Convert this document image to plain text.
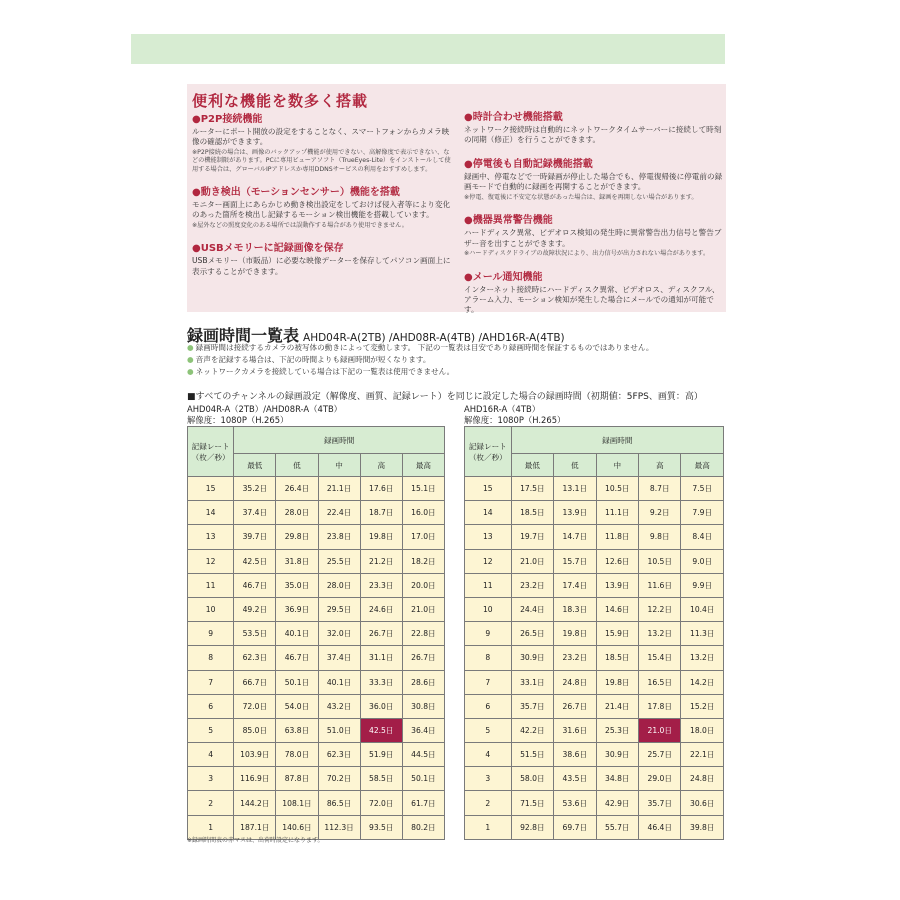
便利な機能を数多く搭載
●P2P接続機能

ルーターにポート開放の設定をすることなく、スマートフォンからカメラ映像の確認ができます。

※P2P接続の場合は、画像のバックアップ機能が使用できない、高解像度で表示できない、などの機能制限があります。PCに専用ビューアソフト（TrueEyes-Lite）をインストールして使用する場合は、グローバルIPアドレスか専用DDNSサービスの利用をおすすめします。

●動き検出（モーションセンサー）機能を搭載

モニター画面上にあらかじめ動き検出設定をしておけば侵入者等により変化のあった箇所を検出し記録するモーション検出機能を搭載しています。

※屋外などの照度変化のある場所では誤動作する場合があり使用できません。

●USBメモリーに記録画像を保存

USBメモリー（市販品）に必要な映像データーを保存してパソコン画面上に表示することができます。

●時計合わせ機能搭載

ネットワーク接続時は自動的にネットワークタイムサーバーに接続して時刻の同期（修正）を行うことができます。

●停電後も自動記録機能搭載

録画中、停電などで一時録画が停止した場合でも、停電復帰後に停電前の録画モードで自動的に録画を再開することができます。

※停電、復電後に不安定な状態があった場合は、録画を再開しない場合があります。

●機器異常警告機能

ハードディスク異常、ビデオロス検知の発生時に異常警告出力信号と警告ブザー音を出すことができます。

※ハードディスクドライブの故障状況により、出力信号が出力されない場合があります。

●メール通知機能

インターネット接続時にハードディスク異常、ビデオロス、ディスクフル、アラーム入力、モーション検知が発生した場合にメールでの通知が可能です。

録画時間一覧表 AHD04R-A(2TB) /AHD08R-A(4TB) /AHD16R-A(4TB)
● 録画時間は接続するカメラの被写体の動きによって変動します。 下記の一覧表は目安であり録画時間を保証するものではありません。
● 音声を記録する場合は、下記の時間よりも録画時間が短くなります。
● ネットワークカメラを接続している場合は下記の一覧表は使用できません。
■すべてのチャンネルの録画設定（解像度、画質、記録レート）を同じに設定した場合の録画時間（初期値：5FPS、画質：高）
AHD04R-A（2TB）/AHD08R-A（4TB）
解像度：1080P（H.265）
AHD16R-A（4TB）
解像度：1080P（H.265）
記録レート（枚／秒）	録画時間				
	最低	低	中	高	最高
15	35.2日	26.4日	21.1日	17.6日	15.1日
14	37.4日	28.0日	22.4日	18.7日	16.0日
13	39.7日	29.8日	23.8日	19.8日	17.0日
12	42.5日	31.8日	25.5日	21.2日	18.2日
11	46.7日	35.0日	28.0日	23.3日	20.0日
10	49.2日	36.9日	29.5日	24.6日	21.0日
9	53.5日	40.1日	32.0日	26.7日	22.8日
8	62.3日	46.7日	37.4日	31.1日	26.7日
7	66.7日	50.1日	40.1日	33.3日	28.6日
6	72.0日	54.0日	43.2日	36.0日	30.8日
5	85.0日	63.8日	51.0日	42.5日	36.4日
4	103.9日	78.0日	62.3日	51.9日	44.5日
3	116.9日	87.8日	70.2日	58.5日	50.1日
2	144.2日	108.1日	86.5日	72.0日	61.7日
1	187.1日	140.6日	112.3日	93.5日	80.2日
記録レート（枚／秒）	録画時間				
	最低	低	中	高	最高
15	17.5日	13.1日	10.5日	8.7日	7.5日
14	18.5日	13.9日	11.1日	9.2日	7.9日
13	19.7日	14.7日	11.8日	9.8日	8.4日
12	21.0日	15.7日	12.6日	10.5日	9.0日
11	23.2日	17.4日	13.9日	11.6日	9.9日
10	24.4日	18.3日	14.6日	12.2日	10.4日
9	26.5日	19.8日	15.9日	13.2日	11.3日
8	30.9日	23.2日	18.5日	15.4日	13.2日
7	33.1日	24.8日	19.8日	16.5日	14.2日
6	35.7日	26.7日	21.4日	17.8日	15.2日
5	42.2日	31.6日	25.3日	21.0日	18.0日
4	51.5日	38.6日	30.9日	25.7日	22.1日
3	58.0日	43.5日	34.8日	29.0日	24.8日
2	71.5日	53.6日	42.9日	35.7日	30.6日
1	92.8日	69.7日	55.7日	46.4日	39.8日
※録画時間表の赤マスは、出荷時設定になります。
